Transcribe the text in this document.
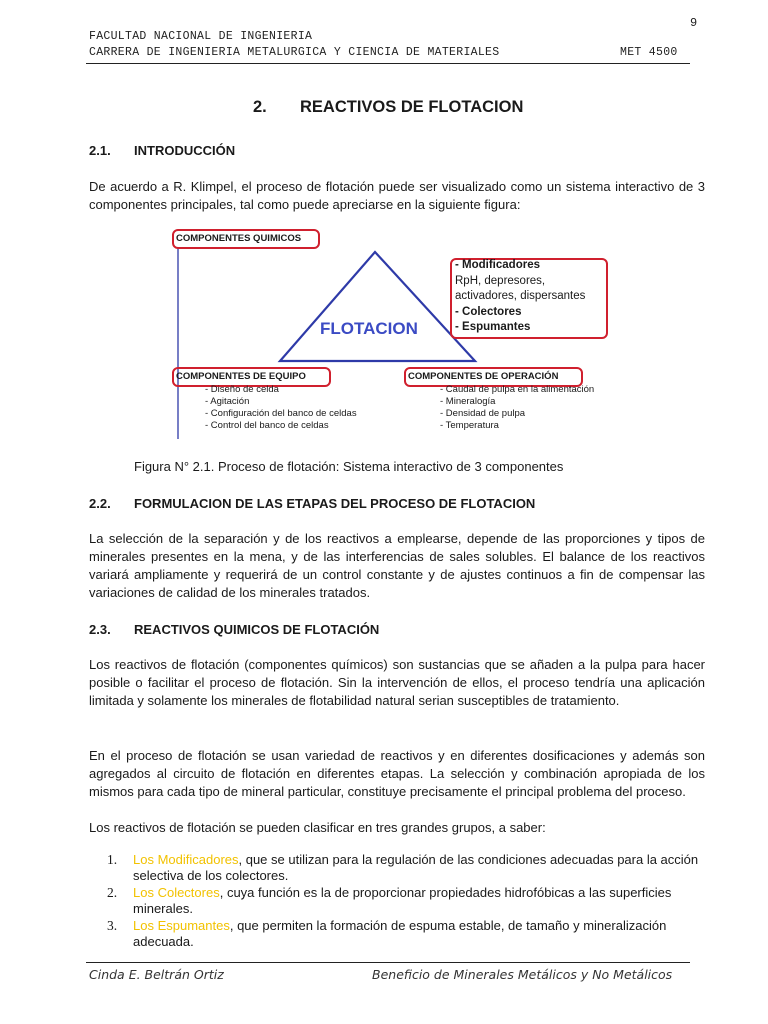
9
FACULTAD NACIONAL DE INGENIERIA
CARRERA DE INGENIERIA METALURGICA Y CIENCIA DE MATERIALES	MET 4500
2. REACTIVOS DE FLOTACION
2.1. INTRODUCCIÓN
De acuerdo a R. Klimpel, el proceso de flotación puede ser visualizado como un sistema interactivo de 3 componentes principales, tal como puede apreciarse en la siguiente figura:
COMPONENTES QUIMICOS
FLOTACION
- Modificadores
RpH, depresores,
activadores, dispersantes
- Colectores
- Espumantes
COMPONENTES DE EQUIPO
- Diseño de celda
- Agitación
- Configuración del banco de celdas
- Control del banco de celdas
COMPONENTES DE OPERACIÓN
- Caudal de pulpa en la alimentación
- Mineralogía
- Densidad de pulpa
- Temperatura
Figura N° 2.1. Proceso de flotación: Sistema interactivo de 3 componentes
2.2. FORMULACION DE LAS ETAPAS DEL PROCESO DE FLOTACION
La selección de la separación y de los reactivos a emplearse, depende de las proporciones y tipos de minerales presentes en la mena, y de las interferencias de sales solubles. El balance de los reactivos variará ampliamente y requerirá de un control constante y de ajustes continuos a fin de compensar las variaciones de calidad de los minerales tratados.
2.3. REACTIVOS QUIMICOS DE FLOTACIÓN
Los reactivos de flotación (componentes químicos) son sustancias que se añaden a la pulpa para hacer posible o facilitar el proceso de flotación. Sin la intervención de ellos, el proceso tendría una aplicación limitada y solamente los minerales de flotabilidad natural serian susceptibles de tratamiento.
En el proceso de flotación se usan variedad de reactivos y en diferentes dosificaciones y además son agregados al circuito de flotación en diferentes etapas. La selección y combinación apropiada de los mismos para cada tipo de mineral particular, constituye precisamente el principal problema del proceso.
Los reactivos de flotación se pueden clasificar en tres grandes grupos, a saber:
1. Los Modificadores, que se utilizan para la regulación de las condiciones adecuadas para la acción selectiva de los colectores.
2. Los Colectores, cuya función es la de proporcionar propiedades hidrofóbicas a las superficies minerales.
3. Los Espumantes, que permiten la formación de espuma estable, de tamaño y mineralización adecuada.
Cinda E. Beltrán Ortiz	Beneficio de Minerales Metálicos y No Metálicos
